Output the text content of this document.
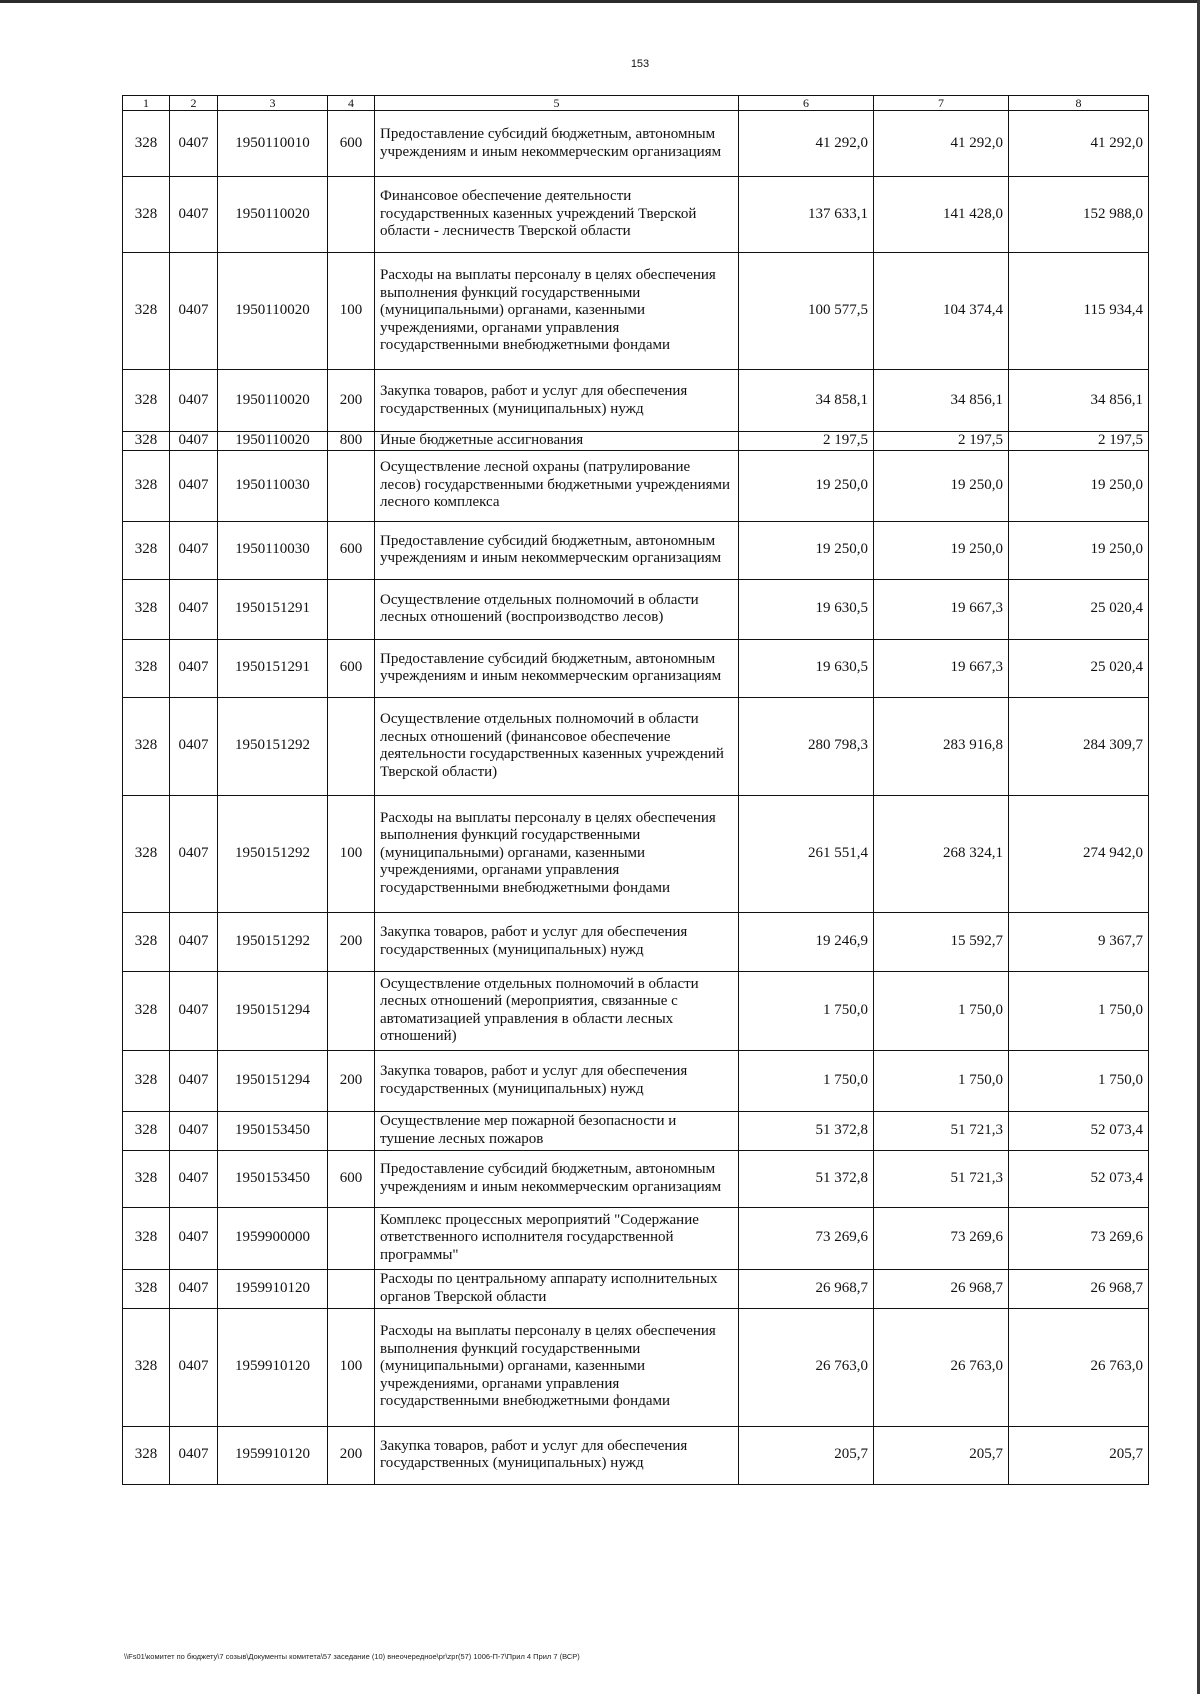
153
1	2	3	4	5	6	7	8
328	0407	1950110010	600	Предоставление субсидий бюджетным, автономным учреждениям и иным некоммерческим организациям	41 292,0	41 292,0	41 292,0
328	0407	1950110020		Финансовое обеспечение деятельности государственных казенных учреждений Тверской области - лесничеств Тверской области	137 633,1	141 428,0	152 988,0
328	0407	1950110020	100	Расходы на выплаты персоналу в целях обеспечения выполнения функций государственными (муниципальными) органами, казенными учреждениями, органами управления государственными внебюджетными фондами	100 577,5	104 374,4	115 934,4
328	0407	1950110020	200	Закупка товаров, работ и услуг для обеспечения государственных (муниципальных) нужд	34 858,1	34 856,1	34 856,1
328	0407	1950110020	800	Иные бюджетные ассигнования	2 197,5	2 197,5	2 197,5
328	0407	1950110030		Осуществление лесной охраны (патрулирование лесов) государственными бюджетными учреждениями лесного комплекса	19 250,0	19 250,0	19 250,0
328	0407	1950110030	600	Предоставление субсидий бюджетным, автономным учреждениям и иным некоммерческим организациям	19 250,0	19 250,0	19 250,0
328	0407	1950151291		Осуществление отдельных полномочий в области лесных отношений (воспроизводство лесов)	19 630,5	19 667,3	25 020,4
328	0407	1950151291	600	Предоставление субсидий бюджетным, автономным учреждениям и иным некоммерческим организациям	19 630,5	19 667,3	25 020,4
328	0407	1950151292		Осуществление отдельных полномочий в области лесных отношений (финансовое обеспечение деятельности государственных казенных учреждений Тверской области)	280 798,3	283 916,8	284 309,7
328	0407	1950151292	100	Расходы на выплаты персоналу в целях обеспечения выполнения функций государственными (муниципальными) органами, казенными учреждениями, органами управления государственными внебюджетными фондами	261 551,4	268 324,1	274 942,0
328	0407	1950151292	200	Закупка товаров, работ и услуг для обеспечения государственных (муниципальных) нужд	19 246,9	15 592,7	9 367,7
328	0407	1950151294		Осуществление отдельных полномочий в области лесных отношений (мероприятия, связанные с автоматизацией управления в области лесных отношений)	1 750,0	1 750,0	1 750,0
328	0407	1950151294	200	Закупка товаров, работ и услуг для обеспечения государственных (муниципальных) нужд	1 750,0	1 750,0	1 750,0
328	0407	1950153450		Осуществление мер пожарной безопасности и тушение лесных пожаров	51 372,8	51 721,3	52 073,4
328	0407	1950153450	600	Предоставление субсидий бюджетным, автономным учреждениям и иным некоммерческим организациям	51 372,8	51 721,3	52 073,4
328	0407	1959900000		Комплекс процессных мероприятий "Содержание ответственного исполнителя государственной программы"	73 269,6	73 269,6	73 269,6
328	0407	1959910120		Расходы по центральному аппарату исполнительных органов Тверской области	26 968,7	26 968,7	26 968,7
328	0407	1959910120	100	Расходы на выплаты персоналу в целях обеспечения выполнения функций государственными (муниципальными) органами, казенными учреждениями, органами управления государственными внебюджетными фондами	26 763,0	26 763,0	26 763,0
328	0407	1959910120	200	Закупка товаров, работ и услуг для обеспечения государственных (муниципальных) нужд	205,7	205,7	205,7
\\Fs01\комитет по бюджету\7 созыв\Документы комитета\57 заседание (10) внеочередное\pr\zpr(57) 1006-П-7\Прил 4 Прил 7 (ВСР)
